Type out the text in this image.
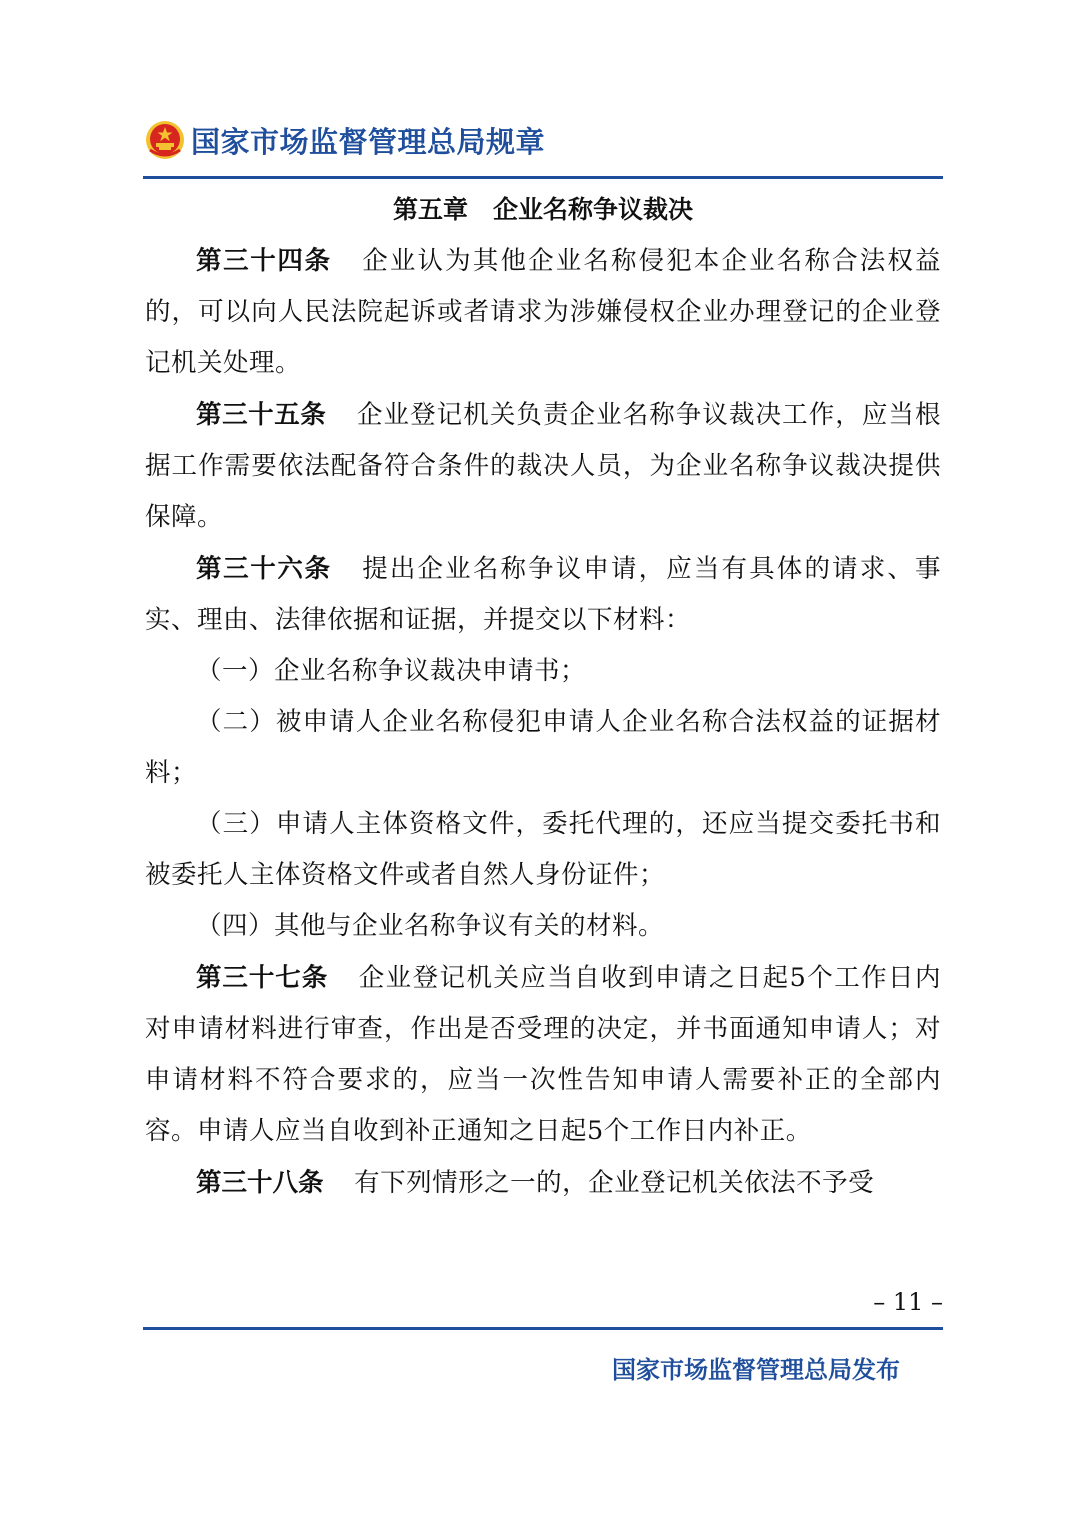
国家市场监督管理总局规章
第五章　企业名称争议裁决

第三十四条 企业认为其他企业名称侵犯本企业名称合法权益的，可以向人民法院起诉或者请求为涉嫌侵权企业办理登记的企业登记机关处理。

第三十五条 企业登记机关负责企业名称争议裁决工作，应当根据工作需要依法配备符合条件的裁决人员，为企业名称争议裁决提供保障。

第三十六条 提出企业名称争议申请，应当有具体的请求、事实、理由、法律依据和证据，并提交以下材料：

（一）企业名称争议裁决申请书；

（二）被申请人企业名称侵犯申请人企业名称合法权益的证据材料；

（三）申请人主体资格文件，委托代理的，还应当提交委托书和被委托人主体资格文件或者自然人身份证件；

（四）其他与企业名称争议有关的材料。

第三十七条 企业登记机关应当自收到申请之日起5个工作日内对申请材料进行审查，作出是否受理的决定，并书面通知申请人；对申请材料不符合要求的，应当一次性告知申请人需要补正的全部内容。申请人应当自收到补正通知之日起5个工作日内补正。

第三十八条 有下列情形之一的，企业登记机关依法不予受

– 11 –
国家市场监督管理总局发布
